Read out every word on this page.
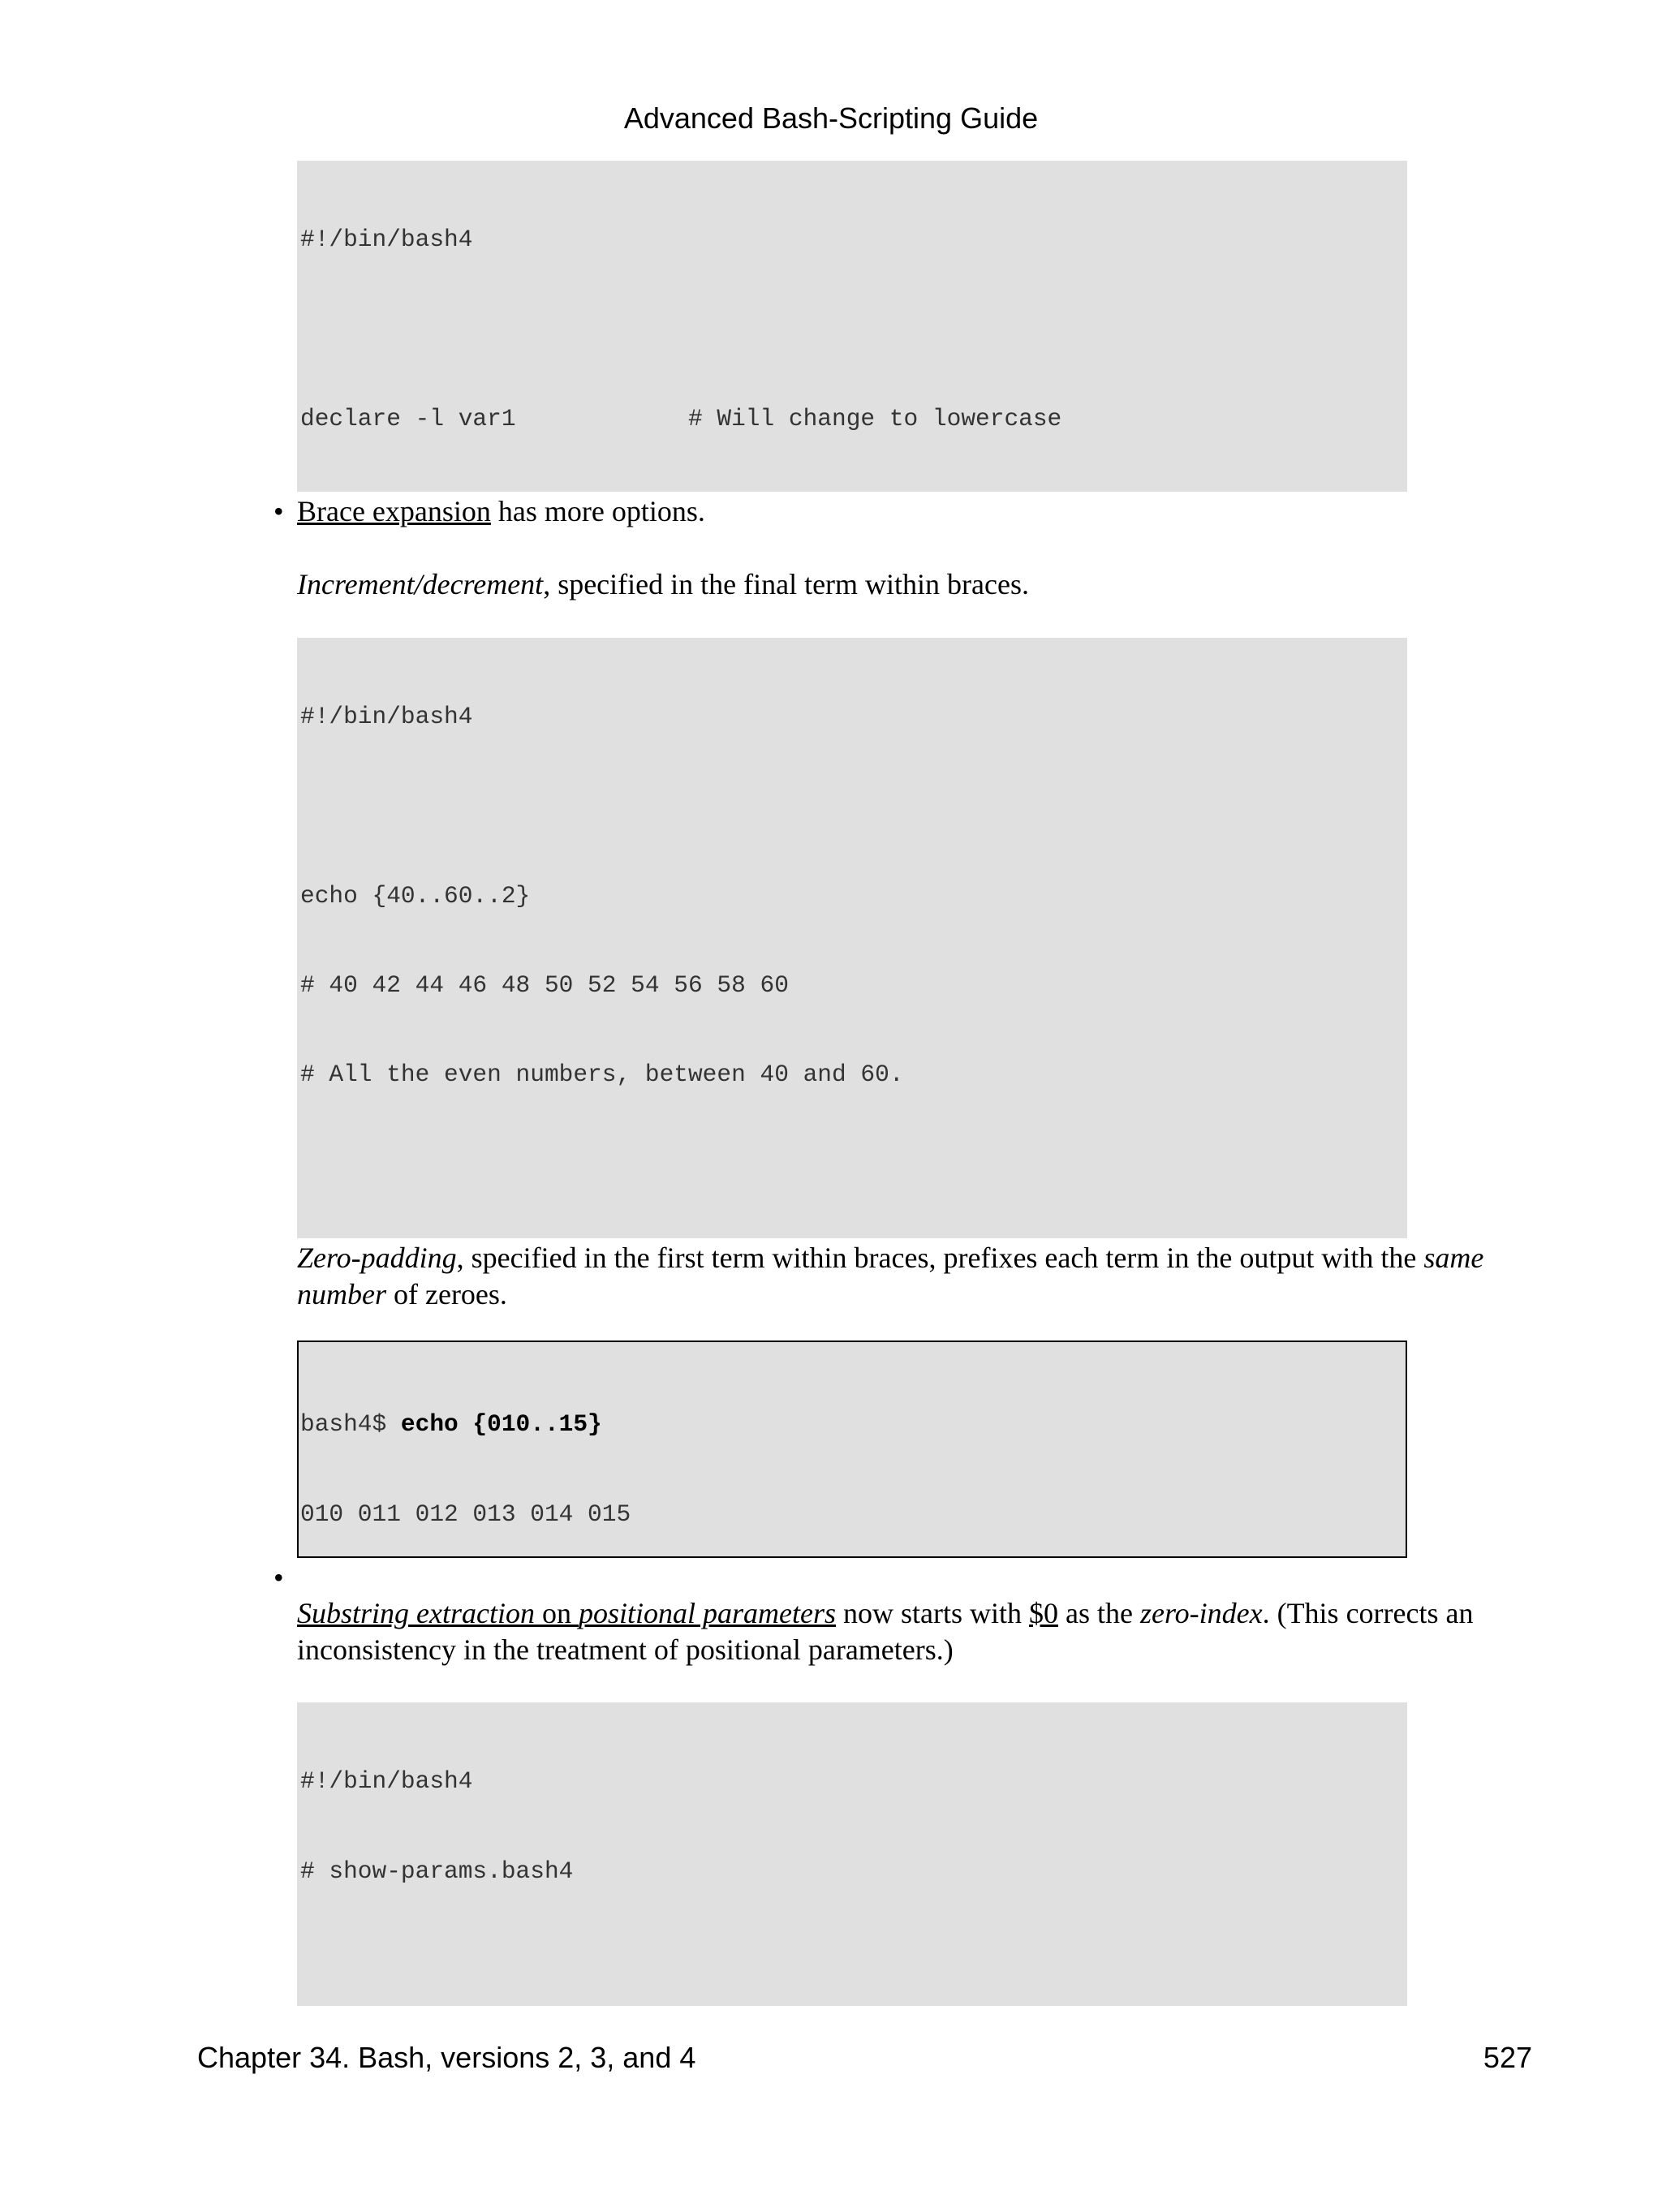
Advanced Bash-Scripting Guide

#!/bin/bash4

declare -l var1            # Will change to lowercase

• Brace expansion has more options.
Increment/decrement, specified in the final term within braces.

#!/bin/bash4

echo {40..60..2}

# 40 42 44 46 48 50 52 54 56 58 60

# All the even numbers, between 40 and 60.

Zero-padding, specified in the first term within braces, prefixes each term in the output with the same number of zeroes.

bash4$ echo {010..15}

010 011 012 013 014 015

•
Substring extraction on positional parameters now starts with $0 as the zero-index. (This corrects an inconsistency in the treatment of positional parameters.)

#!/bin/bash4

# show-params.bash4

Chapter 34. Bash, versions 2, 3, and 4	527
